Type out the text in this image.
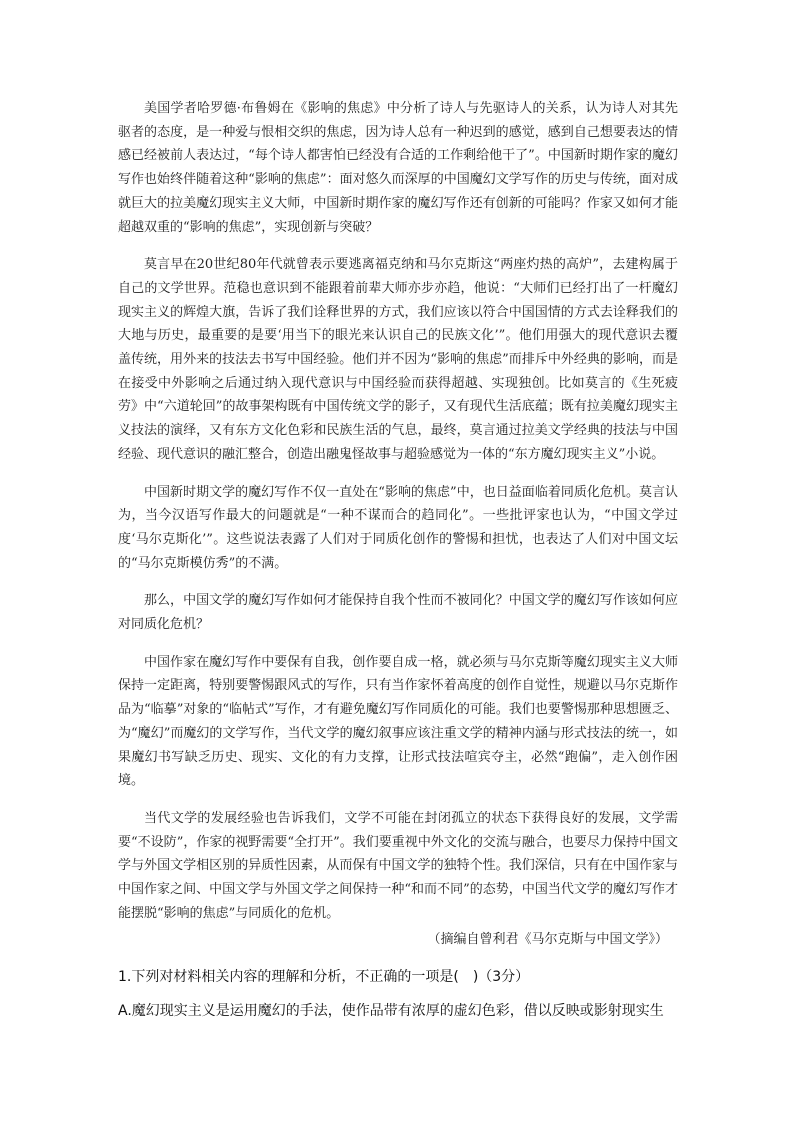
美国学者哈罗德·布鲁姆在《影响的焦虑》中分析了诗人与先驱诗人的关系，认为诗人对其先驱者的态度，是一种爱与恨相交织的焦虑，因为诗人总有一种迟到的感觉，感到自己想要表达的情感已经被前人表达过，“每个诗人都害怕已经没有合适的工作剩给他干了”。中国新时期作家的魔幻写作也始终伴随着这种“影响的焦虑”：面对悠久而深厚的中国魔幻文学写作的历史与传统，面对成就巨大的拉美魔幻现实主义大师，中国新时期作家的魔幻写作还有创新的可能吗？作家又如何才能超越双重的“影响的焦虑”，实现创新与突破？

莫言早在20世纪80年代就曾表示要逃离福克纳和马尔克斯这“两座灼热的高炉”，去建构属于自己的文学世界。范稳也意识到不能跟着前辈大师亦步亦趋，他说：“大师们已经打出了一杆魔幻现实主义的辉煌大旗，告诉了我们诠释世界的方式，我们应该以符合中国国情的方式去诠释我们的大地与历史，最重要的是要‘用当下的眼光来认识自己的民族文化’”。他们用强大的现代意识去覆盖传统，用外来的技法去书写中国经验。他们并不因为“影响的焦虑”而排斥中外经典的影响，而是在接受中外影响之后通过纳入现代意识与中国经验而获得超越、实现独创。比如莫言的《生死疲劳》中“六道轮回”的故事架构既有中国传统文学的影子，又有现代生活底蕴；既有拉美魔幻现实主义技法的演绎，又有东方文化色彩和民族生活的气息，最终，莫言通过拉美文学经典的技法与中国经验、现代意识的融汇整合，创造出融鬼怪故事与超验感觉为一体的“东方魔幻现实主义”小说。

中国新时期文学的魔幻写作不仅一直处在“影响的焦虑”中，也日益面临着同质化危机。莫言认为，当今汉语写作最大的问题就是“一种不谋而合的趋同化”。一些批评家也认为，“中国文学过度‘马尔克斯化’”。这些说法表露了人们对于同质化创作的警惕和担忧，也表达了人们对中国文坛的“马尔克斯模仿秀”的不满。

那么，中国文学的魔幻写作如何才能保持自我个性而不被同化？中国文学的魔幻写作该如何应对同质化危机？

中国作家在魔幻写作中要保有自我，创作要自成一格，就必须与马尔克斯等魔幻现实主义大师保持一定距离，特别要警惕跟风式的写作，只有当作家怀着高度的创作自觉性，规避以马尔克斯作品为“临摹”对象的“临帖式”写作，才有避免魔幻写作同质化的可能。我们也要警惕那种思想匮乏、为“魔幻”而魔幻的文学写作，当代文学的魔幻叙事应该注重文学的精神内涵与形式技法的统一，如果魔幻书写缺乏历史、现实、文化的有力支撑，让形式技法喧宾夺主，必然“跑偏”，走入创作困境。

当代文学的发展经验也告诉我们，文学不可能在封闭孤立的状态下获得良好的发展，文学需要“不设防”，作家的视野需要“全打开”。我们要重视中外文化的交流与融合，也要尽力保持中国文学与外国文学相区别的异质性因素，从而保有中国文学的独特个性。我们深信，只有在中国作家与中国作家之间、中国文学与外国文学之间保持一种“和而不同”的态势，中国当代文学的魔幻写作才能摆脱“影响的焦虑”与同质化的危机。

（摘编自曾利君《马尔克斯与中国文学》）
1.下列对材料相关内容的理解和分析，不正确的一项是(　)（3分）
A.魔幻现实主义是运用魔幻的手法，使作品带有浓厚的虚幻色彩，借以反映或影射现实生
